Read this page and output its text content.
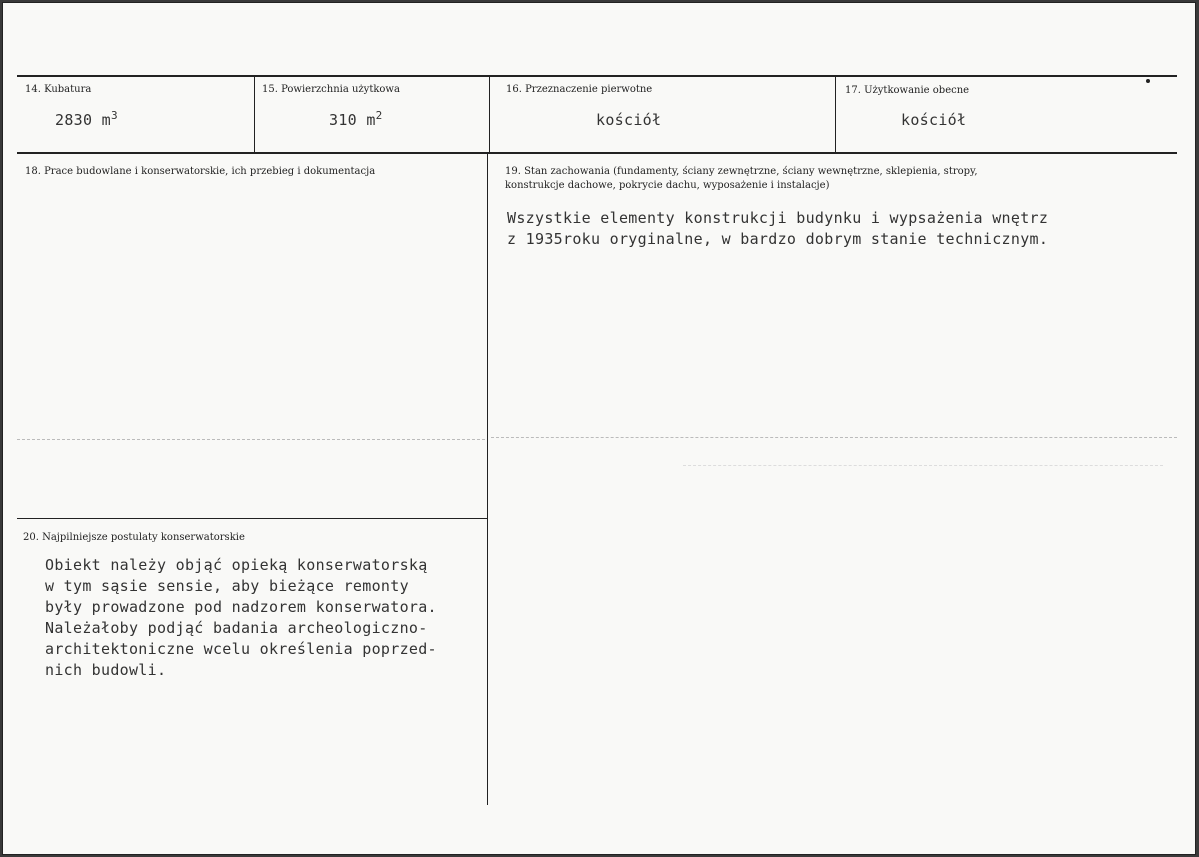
14. Kubatura
2830 $m^3$
15. Powierzchnia użytkowa
310 $m^2$
16. Przeznaczenie pierwotne
kościół
17. Użytkowanie obecne
kościół
18. Prace budowlane i konserwatorskie, ich przebieg i dokumentacja	19. Stan zachowania (fundamenty, ściany zewnętrzne, ściany wewnętrzne, sklepienia, stropy,
konstrukcje dachowe, pokrycie dachu, wyposażenie i instalacje)
Wszystkie elementy konstrukcji budynku i wypsażenia wnętrz
z 1935roku oryginalne, w bardzo dobrym stanie technicznym.
20. Najpilniejsze postulaty konserwatorskie
Obiekt należy objąć opieką konserwatorską
w tym sąsie sensie, aby bieżące remonty
były prowadzone pod nadzorem konserwatora.
Należałoby podjąć badania archeologiczno-
architektoniczne wcelu określenia poprzed-
nich budowli.
